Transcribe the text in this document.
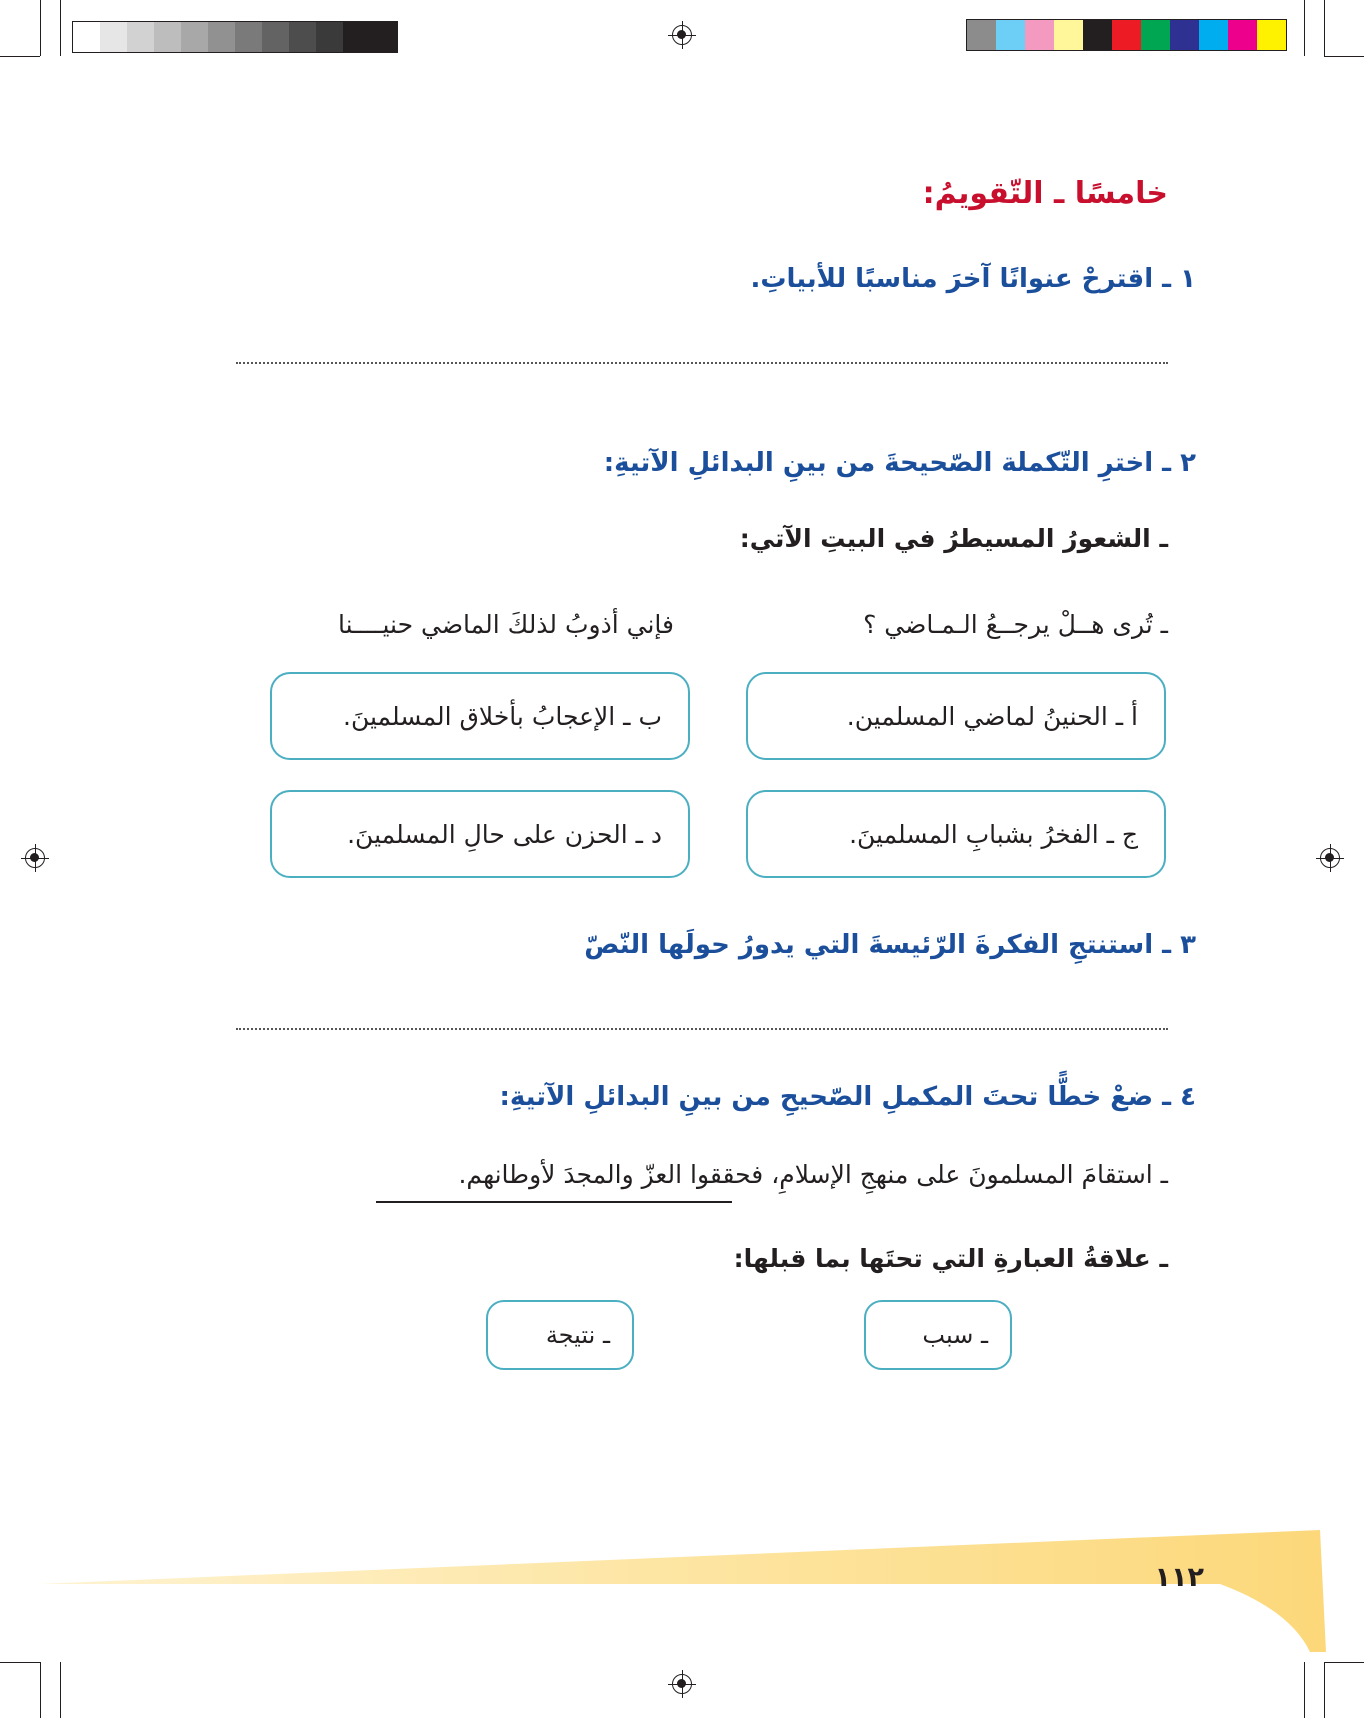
خامسًا ـ التّقويمُ:
١ ـ اقترحْ عنوانًا آخرَ مناسبًا للأبياتِ.
٢ ـ اخترِ التّكملة الصّحيحةَ من بينِ البدائلِ الآتيةِ:
ـ الشعورُ المسيطرُ في البيتِ الآتي:
ـ تُرى هــلْ يرجــعُ الـمـاضي ؟
فإني أذوبُ لذلكَ الماضي حنيــــنا
أ ـ الحنينُ لماضي المسلمين.
ب ـ الإعجابُ بأخلاق المسلمينَ.
ج ـ الفخرُ بشبابِ المسلمينَ.
د ـ الحزن على حالِ المسلمينَ.
٣ ـ استنتجِ الفكرةَ الرّئيسةَ التي يدورُ حولَها النّصّ
٤ ـ ضعْ خطًّا تحتَ المكملِ الصّحيحِ من بينِ البدائلِ الآتيةِ:
ـ استقامَ المسلمونَ على منهجِ الإسلامِ، فحققوا العزّ والمجدَ لأوطانهم.
ـ علاقةُ العبارةِ التي تحتَها بما قبلها:
ـ سبب
ـ نتيجة
١١٢
